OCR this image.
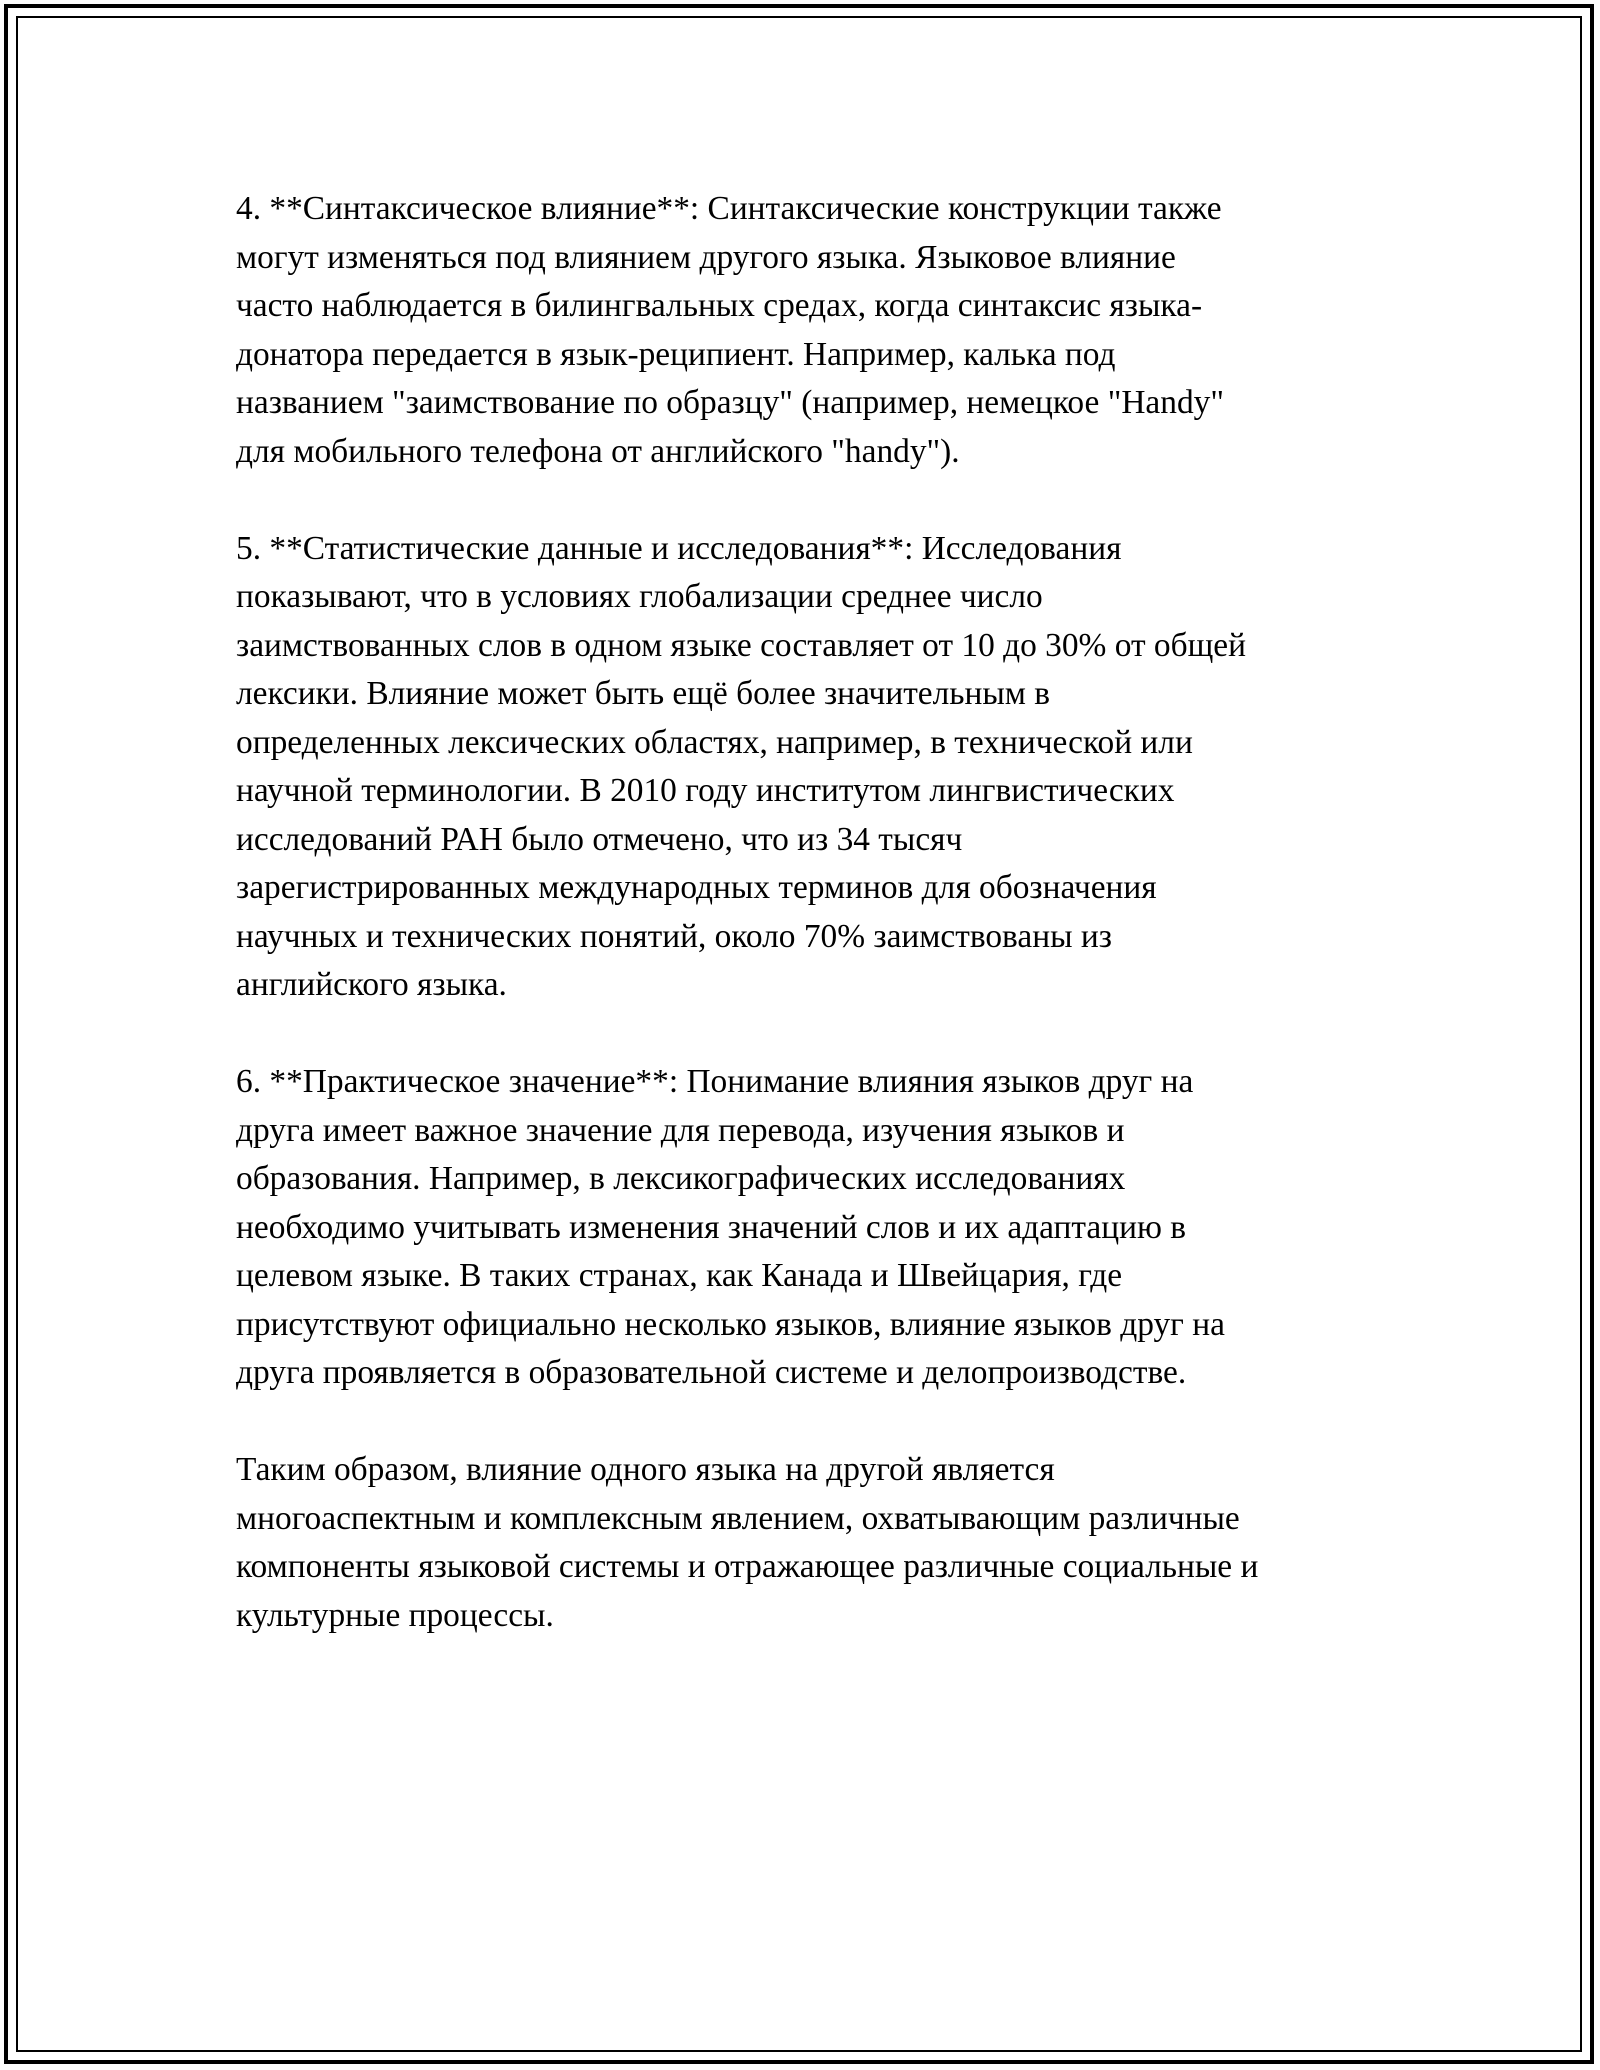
4. **Синтаксическое влияние**: Синтаксические конструкции также
могут изменяться под влиянием другого языка. Языковое влияние
часто наблюдается в билингвальных средах, когда синтаксис языка-
донатора передается в язык-реципиент. Например, калька под
названием "заимствование по образцу" (например, немецкое "Handy"
для мобильного телефона от английского "handy").

5. **Статистические данные и исследования**: Исследования
показывают, что в условиях глобализации среднее число
заимствованных слов в одном языке составляет от 10 до 30% от общей
лексики. Влияние может быть ещё более значительным в
определенных лексических областях, например, в технической или
научной терминологии. В 2010 году институтом лингвистических
исследований РАН было отмечено, что из 34 тысяч
зарегистрированных международных терминов для обозначения
научных и технических понятий, около 70% заимствованы из
английского языка.

6. **Практическое значение**: Понимание влияния языков друг на
друга имеет важное значение для перевода, изучения языков и
образования. Например, в лексикографических исследованиях
необходимо учитывать изменения значений слов и их адаптацию в
целевом языке. В таких странах, как Канада и Швейцария, где
присутствуют официально несколько языков, влияние языков друг на
друга проявляется в образовательной системе и делопроизводстве.

Таким образом, влияние одного языка на другой является
многоаспектным и комплексным явлением, охватывающим различные
компоненты языковой системы и отражающее различные социальные и
культурные процессы.
